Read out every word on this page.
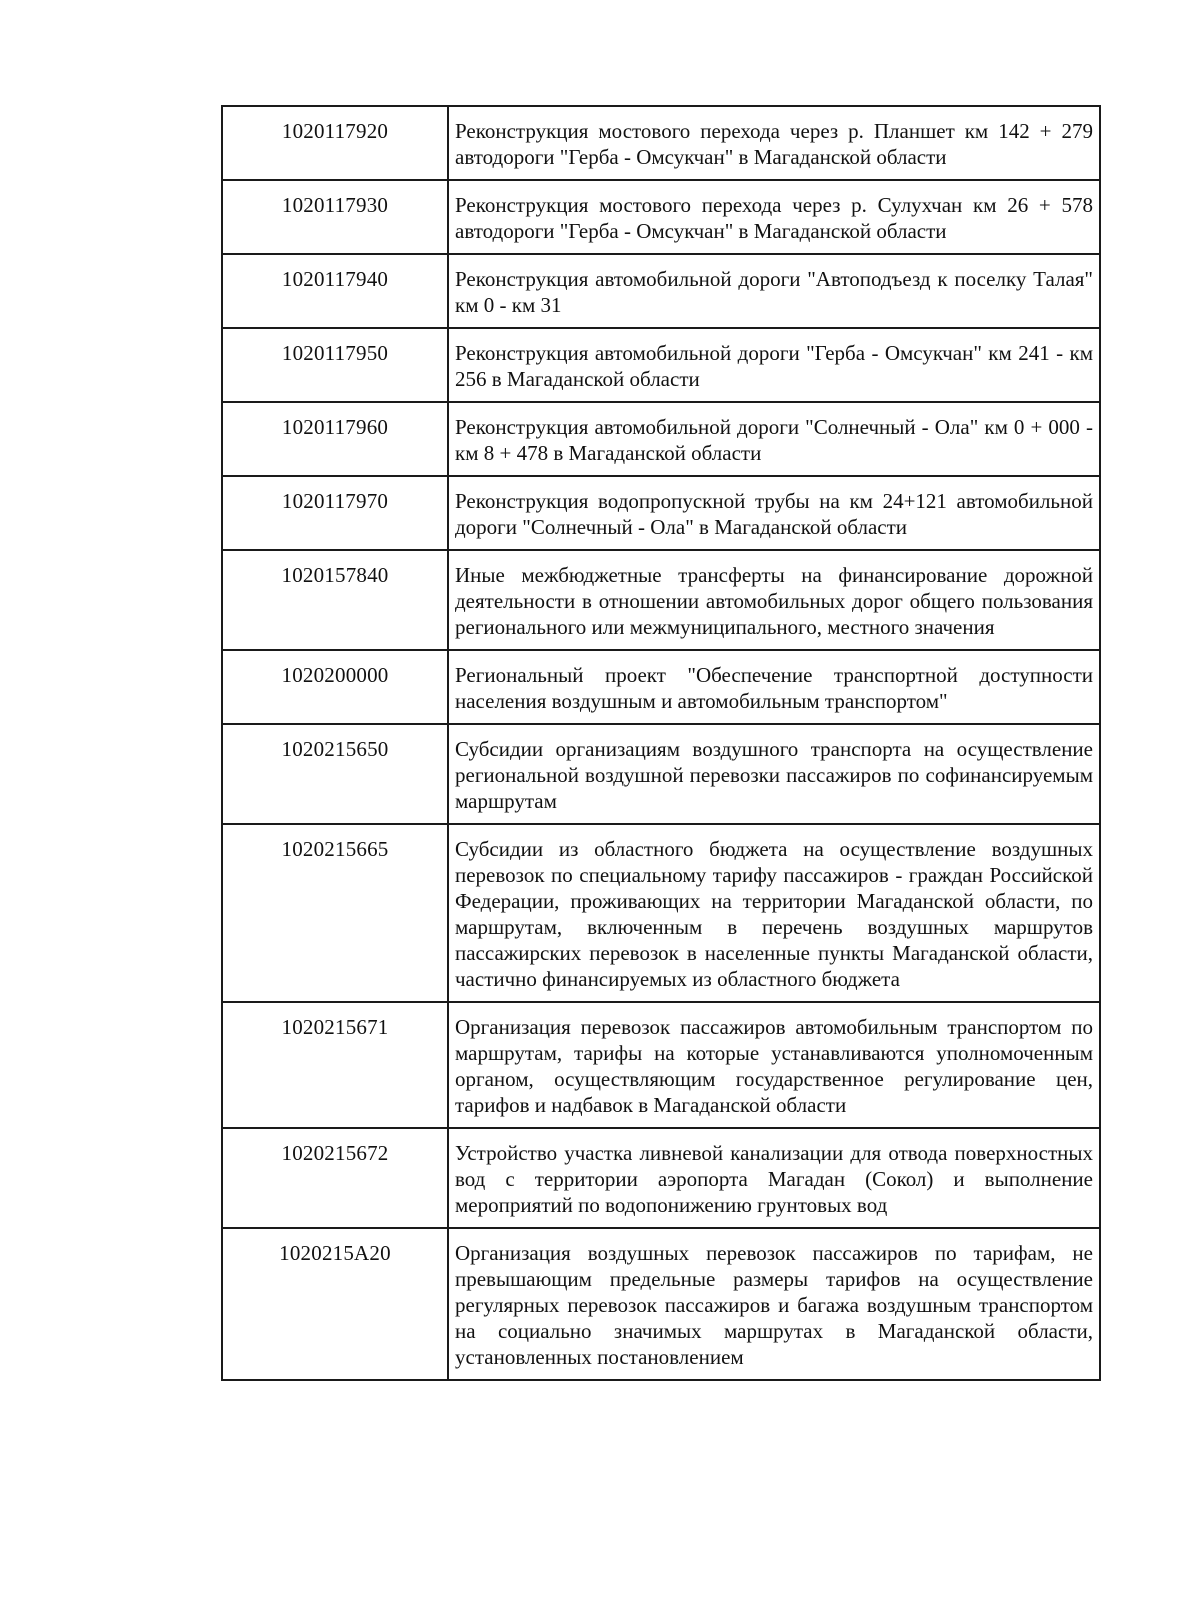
1020117920	Реконструкция мостового перехода через р. Планшет км 142 + 279 автодороги "Герба - Омсукчан" в Магаданской области
1020117930	Реконструкция мостового перехода через р. Сулухчан км 26 + 578 автодороги "Герба - Омсукчан" в Магаданской области
1020117940	Реконструкция автомобильной дороги "Автоподъезд к поселку Талая" км 0 - км 31
1020117950	Реконструкция автомобильной дороги "Герба - Омсукчан" км 241 - км 256 в Магаданской области
1020117960	Реконструкция автомобильной дороги "Солнечный - Ола" км 0 + 000 - км 8 + 478 в Магаданской области
1020117970	Реконструкция водопропускной трубы на км 24+121 автомобильной дороги "Солнечный - Ола" в Магаданской области
1020157840	Иные межбюджетные трансферты на финансирование дорожной деятельности в отношении автомобильных дорог общего пользования регионального или межмуниципального, местного значения
1020200000	Региональный проект "Обеспечение транспортной доступности населения воздушным и автомобильным транспортом"
1020215650	Субсидии организациям воздушного транспорта на осуществление региональной воздушной перевозки пассажиров по софинансируемым маршрутам
1020215665	Субсидии из областного бюджета на осуществление воздушных перевозок по специальному тарифу пассажиров - граждан Российской Федерации, проживающих на территории Магаданской области, по маршрутам, включенным в перечень воздушных маршрутов пассажирских перевозок в населенные пункты Магаданской области, частично финансируемых из областного бюджета
1020215671	Организация перевозок пассажиров автомобильным транспортом по маршрутам, тарифы на которые устанавливаются уполномоченным органом, осуществляющим государственное регулирование цен, тарифов и надбавок в Магаданской области
1020215672	Устройство участка ливневой канализации для отвода поверхностных вод с территории аэропорта Магадан (Сокол) и выполнение мероприятий по водопонижению грунтовых вод
1020215A20	Организация воздушных перевозок пассажиров по тарифам, не превышающим предельные размеры тарифов на осуществление регулярных перевозок пассажиров и багажа воздушным транспортом на социально значимых маршрутах в Магаданской области, установленных постановлением
